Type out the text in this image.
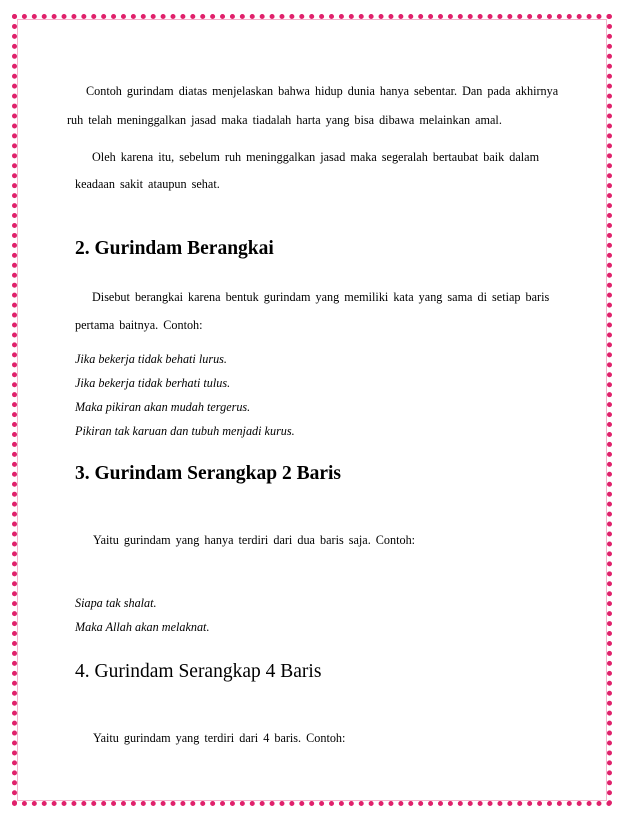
Contoh gurindam diatas menjelaskan bahwa hidup dunia hanya sebentar. Dan pada akhirnya
ruh telah meninggalkan jasad maka tiadalah harta yang bisa dibawa melainkan amal.
Oleh karena itu, sebelum ruh meninggalkan jasad maka segeralah bertaubat baik dalam
keadaan sakit ataupun sehat.
2. Gurindam Berangkai
Disebut berangkai karena bentuk gurindam yang memiliki kata yang sama di setiap baris
pertama baitnya. Contoh:
Jika bekerja tidak behati lurus.
Jika bekerja tidak berhati tulus.
Maka pikiran akan mudah tergerus.
Pikiran tak karuan dan tubuh menjadi kurus.
3. Gurindam Serangkap 2 Baris
Yaitu gurindam yang hanya terdiri dari dua baris saja. Contoh:
Siapa tak shalat.
Maka Allah akan melaknat.
4. Gurindam Serangkap 4 Baris
Yaitu gurindam yang terdiri dari 4 baris. Contoh:
